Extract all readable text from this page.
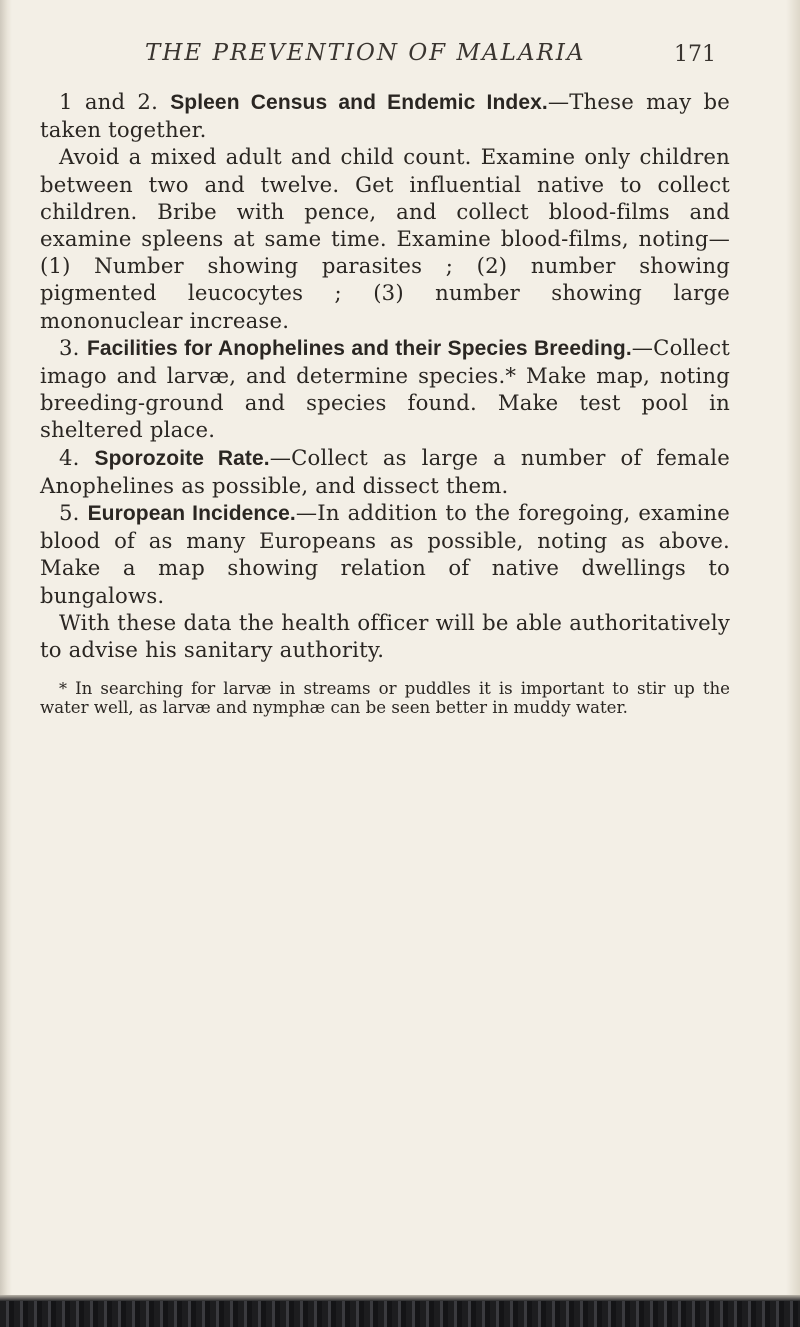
THE PREVENTION OF MALARIA	171

1 and 2. Spleen Census and Endemic Index.—These may be taken together.

Avoid a mixed adult and child count. Examine only children between two and twelve. Get influential native to collect children. Bribe with pence, and collect blood-films and examine spleens at same time. Examine blood-films, noting—(1) Number showing parasites ; (2) number showing pigmented leucocytes ; (3) number showing large mononuclear increase.

3. Facilities for Anophelines and their Species Breeding.—Collect imago and larvæ, and determine species.* Make map, noting breeding-ground and species found. Make test pool in sheltered place.

4. Sporozoite Rate.—Collect as large a number of female Anophelines as possible, and dissect them.

5. European Incidence.—In addition to the foregoing, examine blood of as many Europeans as possible, noting as above. Make a map showing relation of native dwellings to bungalows.

With these data the health officer will be able authoritatively to advise his sanitary authority.

* In searching for larvæ in streams or puddles it is important to stir up the water well, as larvæ and nymphæ can be seen better in muddy water.
